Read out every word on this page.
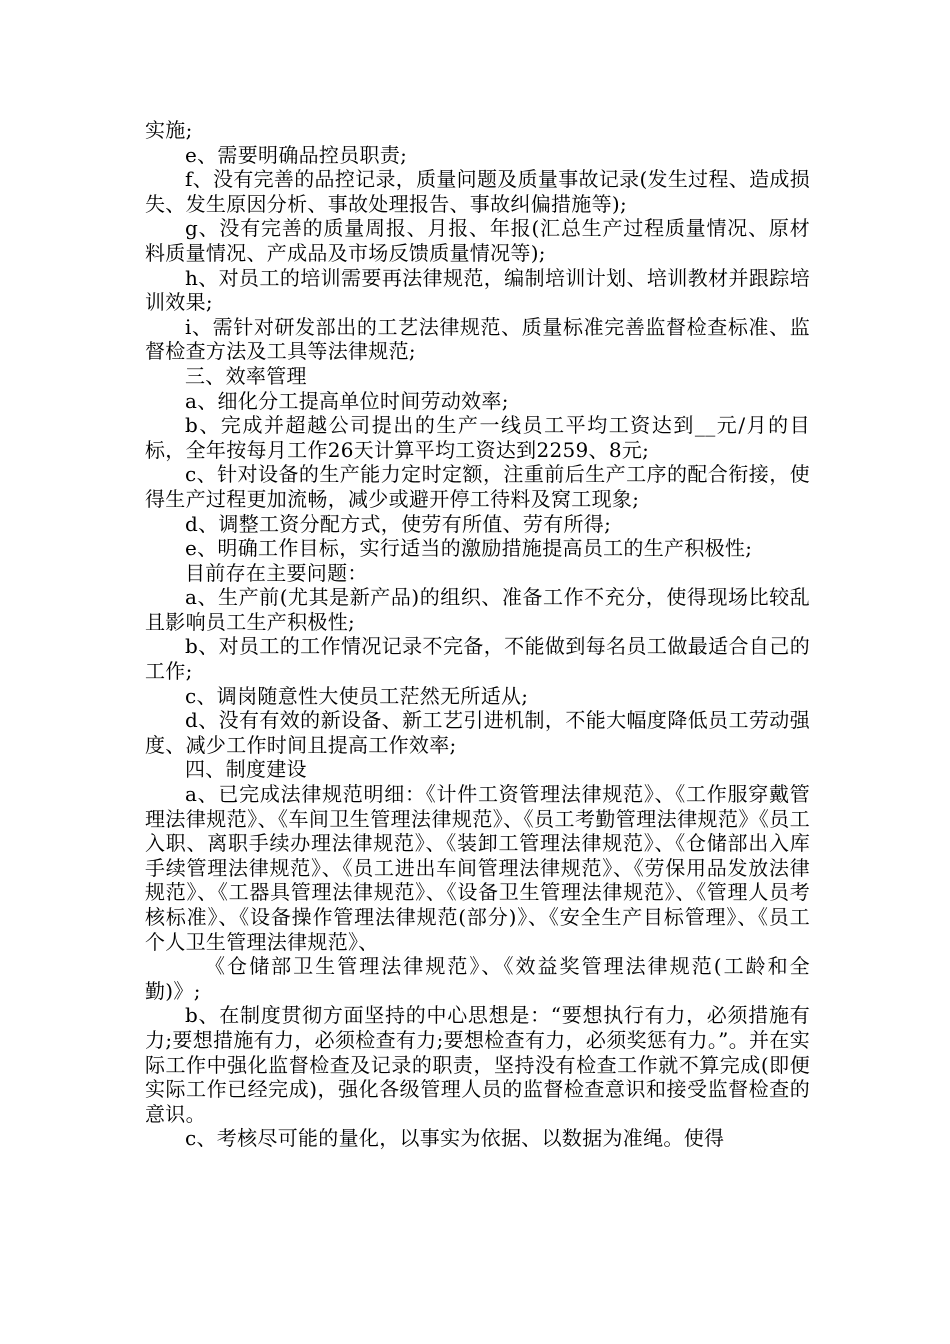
实施;

e、需要明确品控员职责;

f、没有完善的品控记录，质量问题及质量事故记录(发生过程、造成损失、发生原因分析、事故处理报告、事故纠偏措施等);

g、没有完善的质量周报、月报、年报(汇总生产过程质量情况、原材料质量情况、产成品及市场反馈质量情况等);

h、对员工的培训需要再法律规范，编制培训计划、培训教材并跟踪培训效果;

i、需针对研发部出的工艺法律规范、质量标准完善监督检查标准、监督检查方法及工具等法律规范;

三、效率管理

a、细化分工提高单位时间劳动效率;

b、完成并超越公司提出的生产一线员工平均工资达到__元/月的目标，全年按每月工作26天计算平均工资达到2259、8元;

c、针对设备的生产能力定时定额，注重前后生产工序的配合衔接，使得生产过程更加流畅，减少或避开停工待料及窝工现象;

d、调整工资分配方式，使劳有所值、劳有所得;

e、明确工作目标，实行适当的激励措施提高员工的生产积极性;

目前存在主要问题：

a、生产前(尤其是新产品)的组织、准备工作不充分，使得现场比较乱且影响员工生产积极性;

b、对员工的工作情况记录不完备，不能做到每名员工做最适合自己的工作;

c、调岗随意性大使员工茫然无所适从;

d、没有有效的新设备、新工艺引进机制，不能大幅度降低员工劳动强度、减少工作时间且提高工作效率;

四、制度建设

a、已完成法律规范明细：《计件工资管理法律规范》、《工作服穿戴管理法律规范》、《车间卫生管理法律规范》、《员工考勤管理法律规范》《员工入职、离职手续办理法律规范》、《装卸工管理法律规范》、《仓储部出入库手续管理法律规范》、《员工进出车间管理法律规范》、《劳保用品发放法律规范》、《工器具管理法律规范》、《设备卫生管理法律规范》、《管理人员考核标准》、《设备操作管理法律规范(部分)》、《安全生产目标管理》、《员工个人卫生管理法律规范》、

《仓储部卫生管理法律规范》、《效益奖管理法律规范(工龄和全勤)》;

b、在制度贯彻方面坚持的中心思想是：“要想执行有力，必须措施有力;要想措施有力，必须检查有力;要想检查有力，必须奖惩有力。”。并在实际工作中强化监督检查及记录的职责，坚持没有检查工作就不算完成(即便实际工作已经完成)，强化各级管理人员的监督检查意识和接受监督检查的意识。

c、考核尽可能的量化，以事实为依据、以数据为准绳。使得
